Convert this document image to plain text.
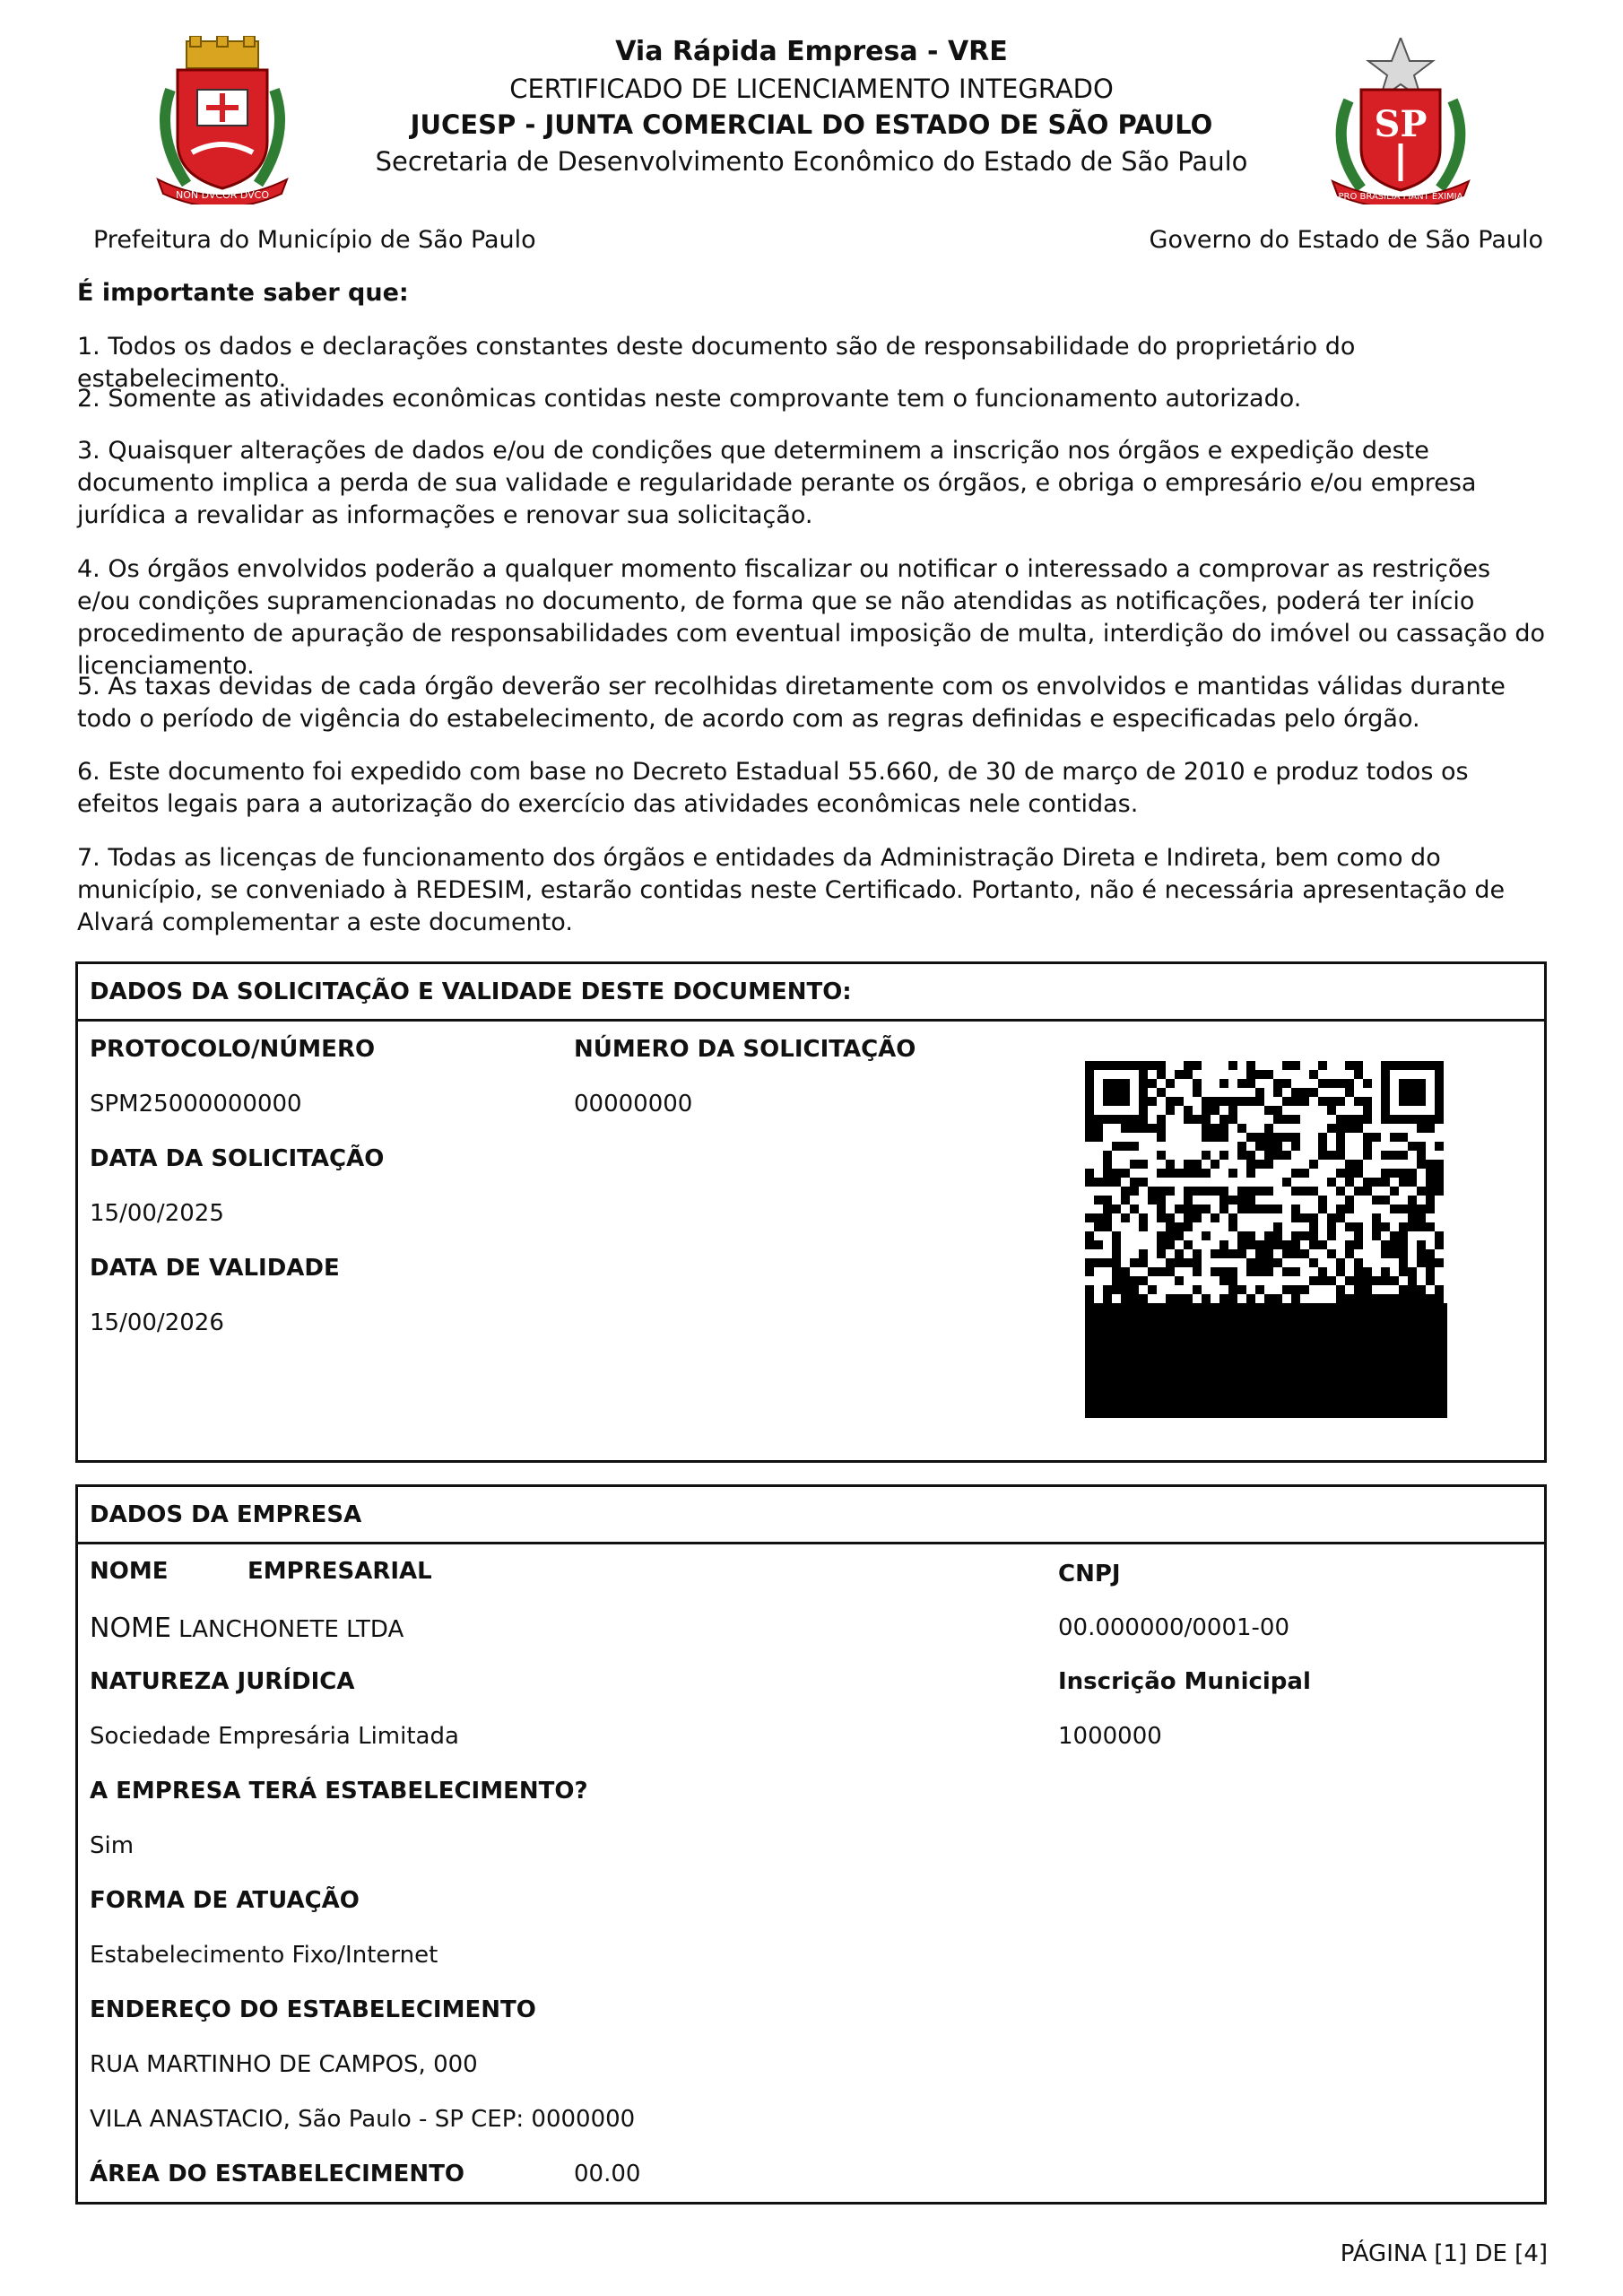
Via Rápida Empresa - VRE
CERTIFICADO DE LICENCIAMENTO INTEGRADO
JUCESP - JUNTA COMERCIAL DO ESTADO DE SÃO PAULO
Secretaria de Desenvolvimento Econômico do Estado de São Paulo
NON DVCOR DVCO
SP
PRO BRASILIA FIANT EXIMIA
Prefeitura do Município de São Paulo	Governo do Estado de São Paulo
É importante saber que:
1. Todos os dados e declarações constantes deste documento são de responsabilidade do proprietário do estabelecimento.
2. Somente as atividades econômicas contidas neste comprovante tem o funcionamento autorizado.
3. Quaisquer alterações de dados e/ou de condições que determinem a inscrição nos órgãos e expedição deste documento implica a perda de sua validade e regularidade perante os órgãos, e obriga o empresário e/ou empresa jurídica a revalidar as informações e renovar sua solicitação.
4. Os órgãos envolvidos poderão a qualquer momento fiscalizar ou notificar o interessado a comprovar as restrições e/ou condições supramencionadas no documento, de forma que se não atendidas as notificações, poderá ter início procedimento de apuração de responsabilidades com eventual imposição de multa, interdição do imóvel ou cassação do licenciamento.
5. As taxas devidas de cada órgão deverão ser recolhidas diretamente com os envolvidos e mantidas válidas durante todo o período de vigência do estabelecimento, de acordo com as regras definidas e especificadas pelo órgão.
6. Este documento foi expedido com base no Decreto Estadual 55.660, de 30 de março de 2010 e produz todos os efeitos legais para a autorização do exercício das atividades econômicas nele contidas.
7. Todas as licenças de funcionamento dos órgãos e entidades da Administração Direta e Indireta, bem como do município, se conveniado à REDESIM, estarão contidas neste Certificado. Portanto, não é necessária apresentação de Alvará complementar a este documento.
DADOS DA SOLICITAÇÃO E VALIDADE DESTE DOCUMENTO:
PROTOCOLO/NÚMERO
SPM25000000000
NÚMERO DA SOLICITAÇÃO
00000000
DATA DA SOLICITAÇÃO
15/00/2025
DATA DE VALIDADE
15/00/2026
DADOS DA EMPRESA
NOME	EMPRESARIAL
NOME LANCHONETE LTDA
CNPJ
00.000000/0001-00
NATUREZA JURÍDICA
Sociedade Empresária Limitada
Inscrição Municipal
1000000
A EMPRESA TERÁ ESTABELECIMENTO?
Sim
FORMA DE ATUAÇÃO
Estabelecimento Fixo/Internet
ENDEREÇO DO ESTABELECIMENTO
RUA MARTINHO DE CAMPOS, 000
VILA ANASTACIO, São Paulo - SP CEP: 0000000
ÁREA DO ESTABELECIMENTO	00.00
PÁGINA [1] DE [4]
